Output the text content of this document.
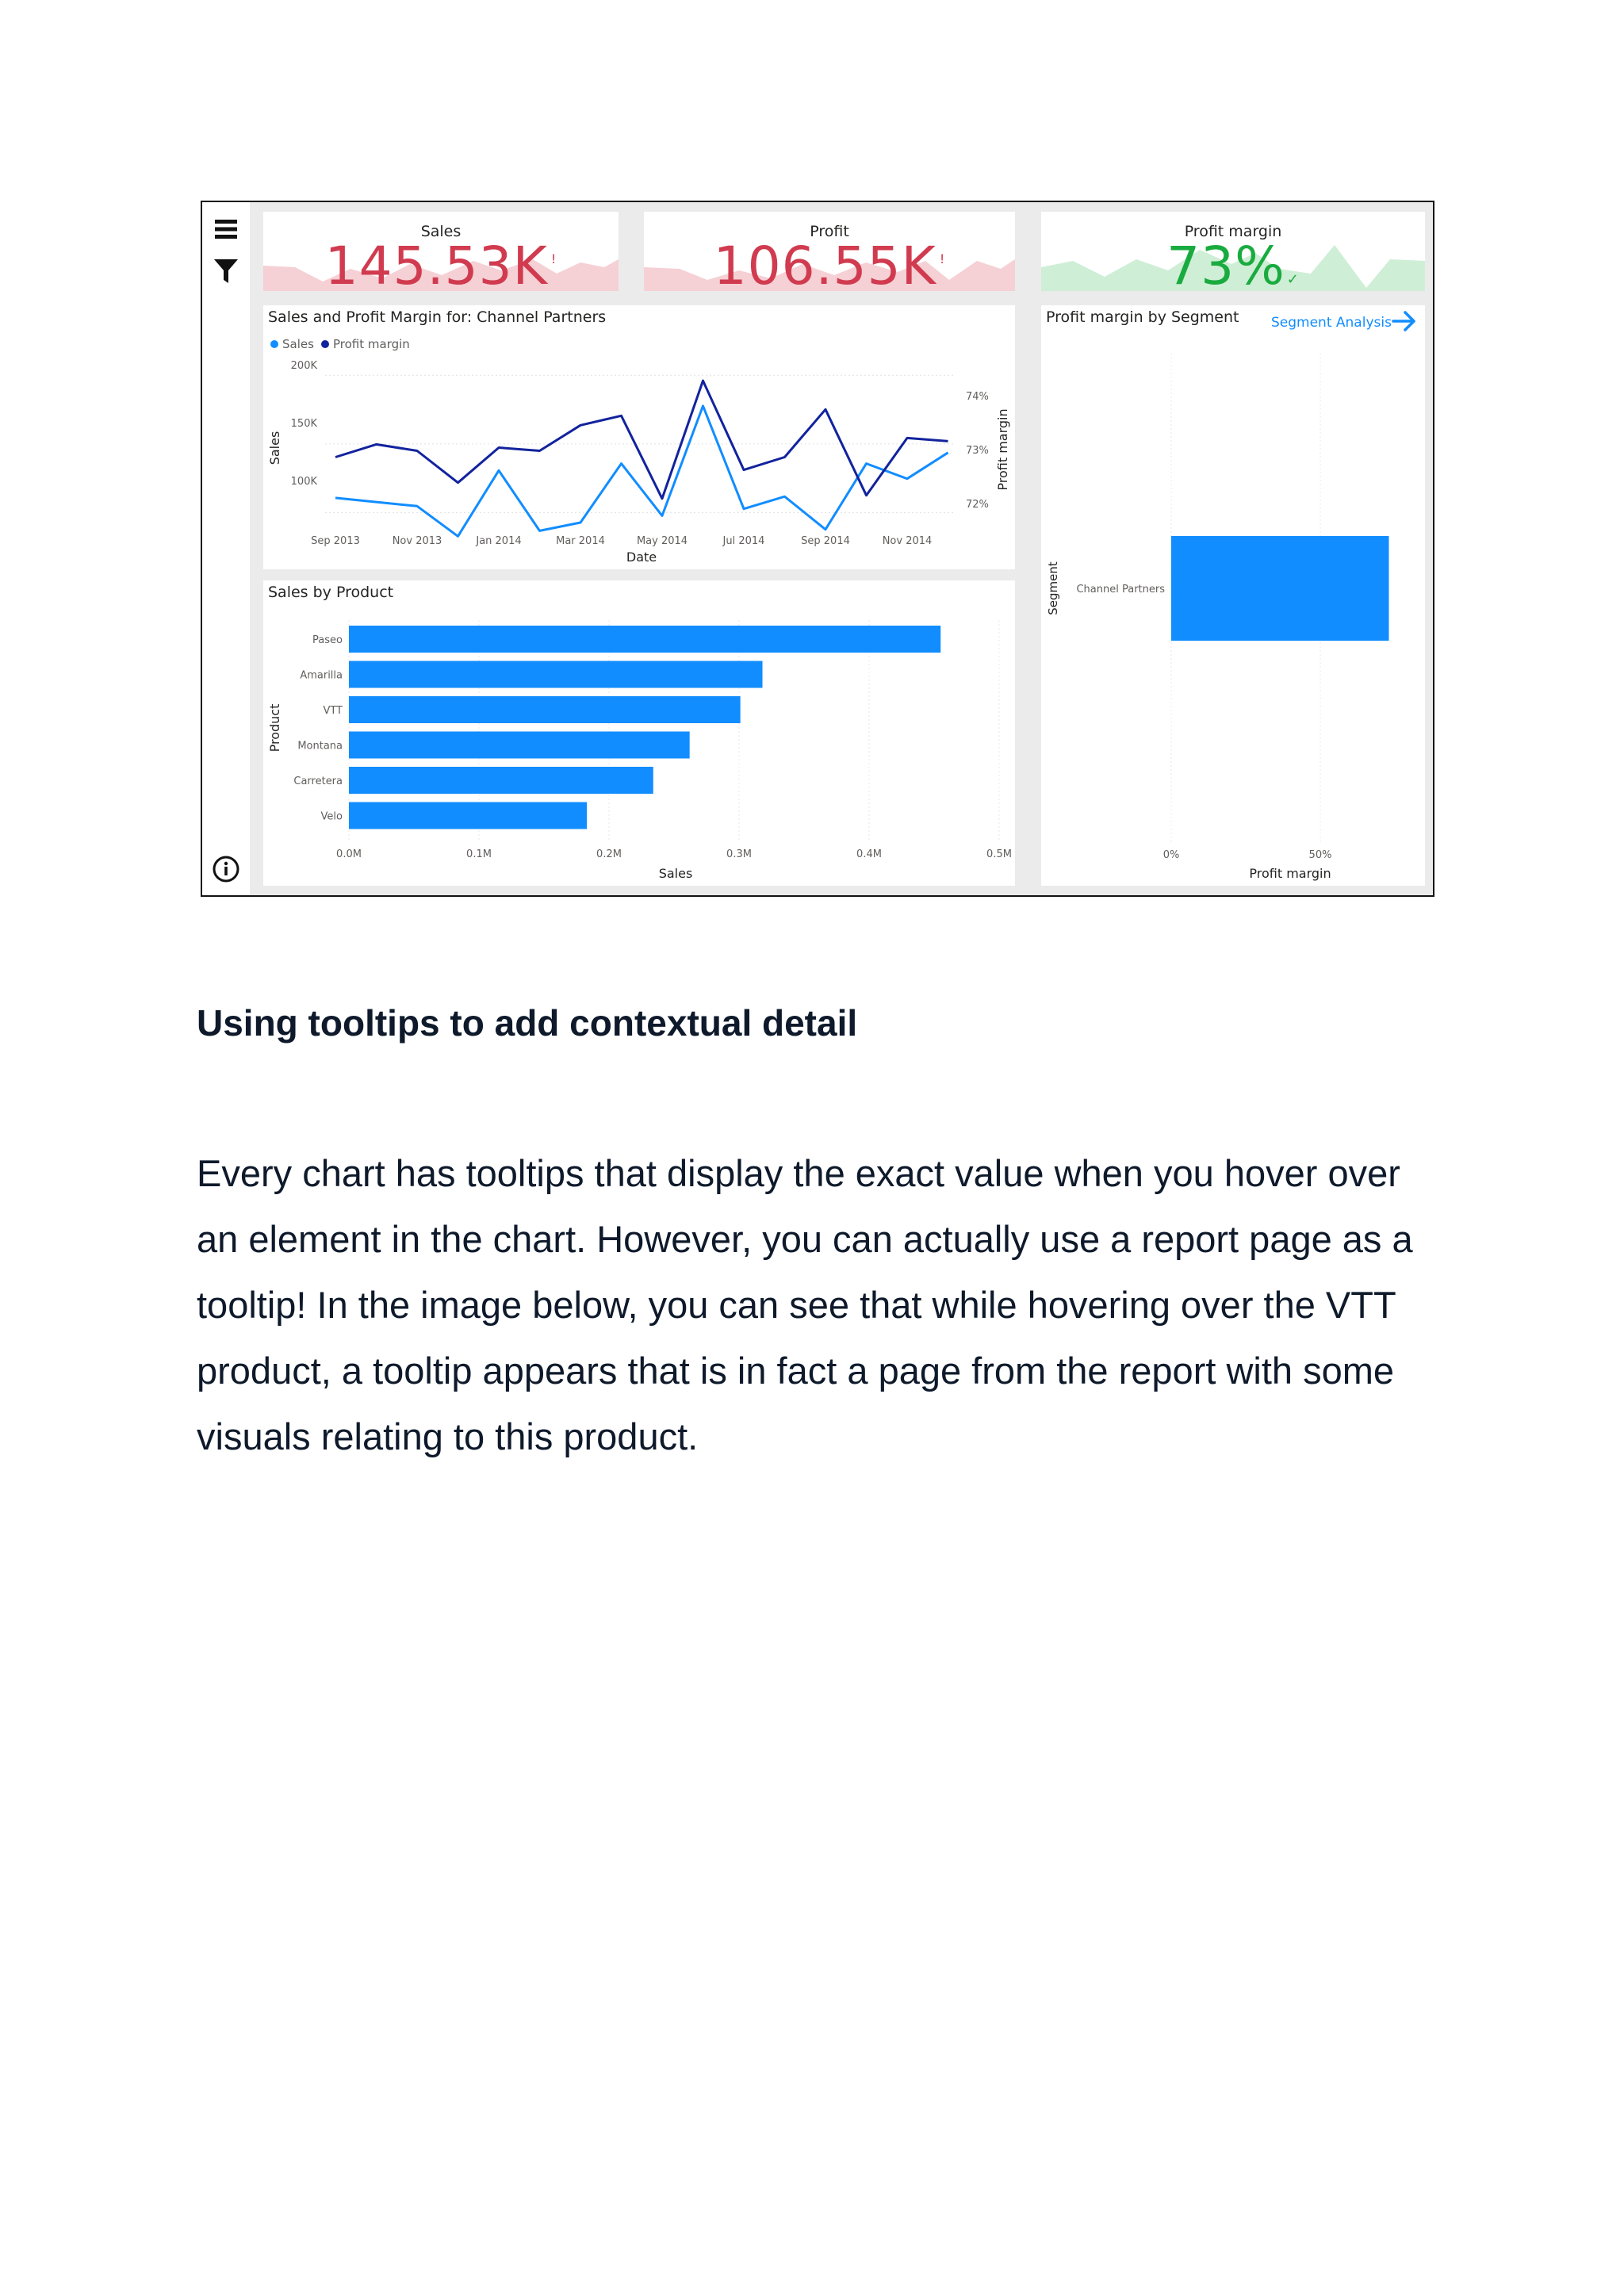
Sales
145.53K !
Profit
106.55K !
Profit margin
73% ✓
Sales and Profit Margin for: Channel Partners
Sales Profit margin
200K
150K
100K
74%
73%
72%
Sep 2013	Nov 2013	Jan 2014	Mar 2014	May 2014	Jul 2014	Sep 2014	Nov 2014
Date
Sales	Profit margin
Sales by Product
Paseo
Amarilla
VTT
Montana
Carretera
Velo
0.0M	0.1M	0.2M	0.3M	0.4M	0.5M
Sales
Product
Profit margin by Segment Segment Analysis
Channel Partners
0%	50%
Profit margin
Segment
Using tooltips to add contextual detail

Every chart has tooltips that display the exact value when you hover over an element in the chart. However, you can actually use a report page as a tooltip! In the image below, you can see that while hovering over the VTT product, a tooltip appears that is in fact a page from the report with some visuals relating to this product.
